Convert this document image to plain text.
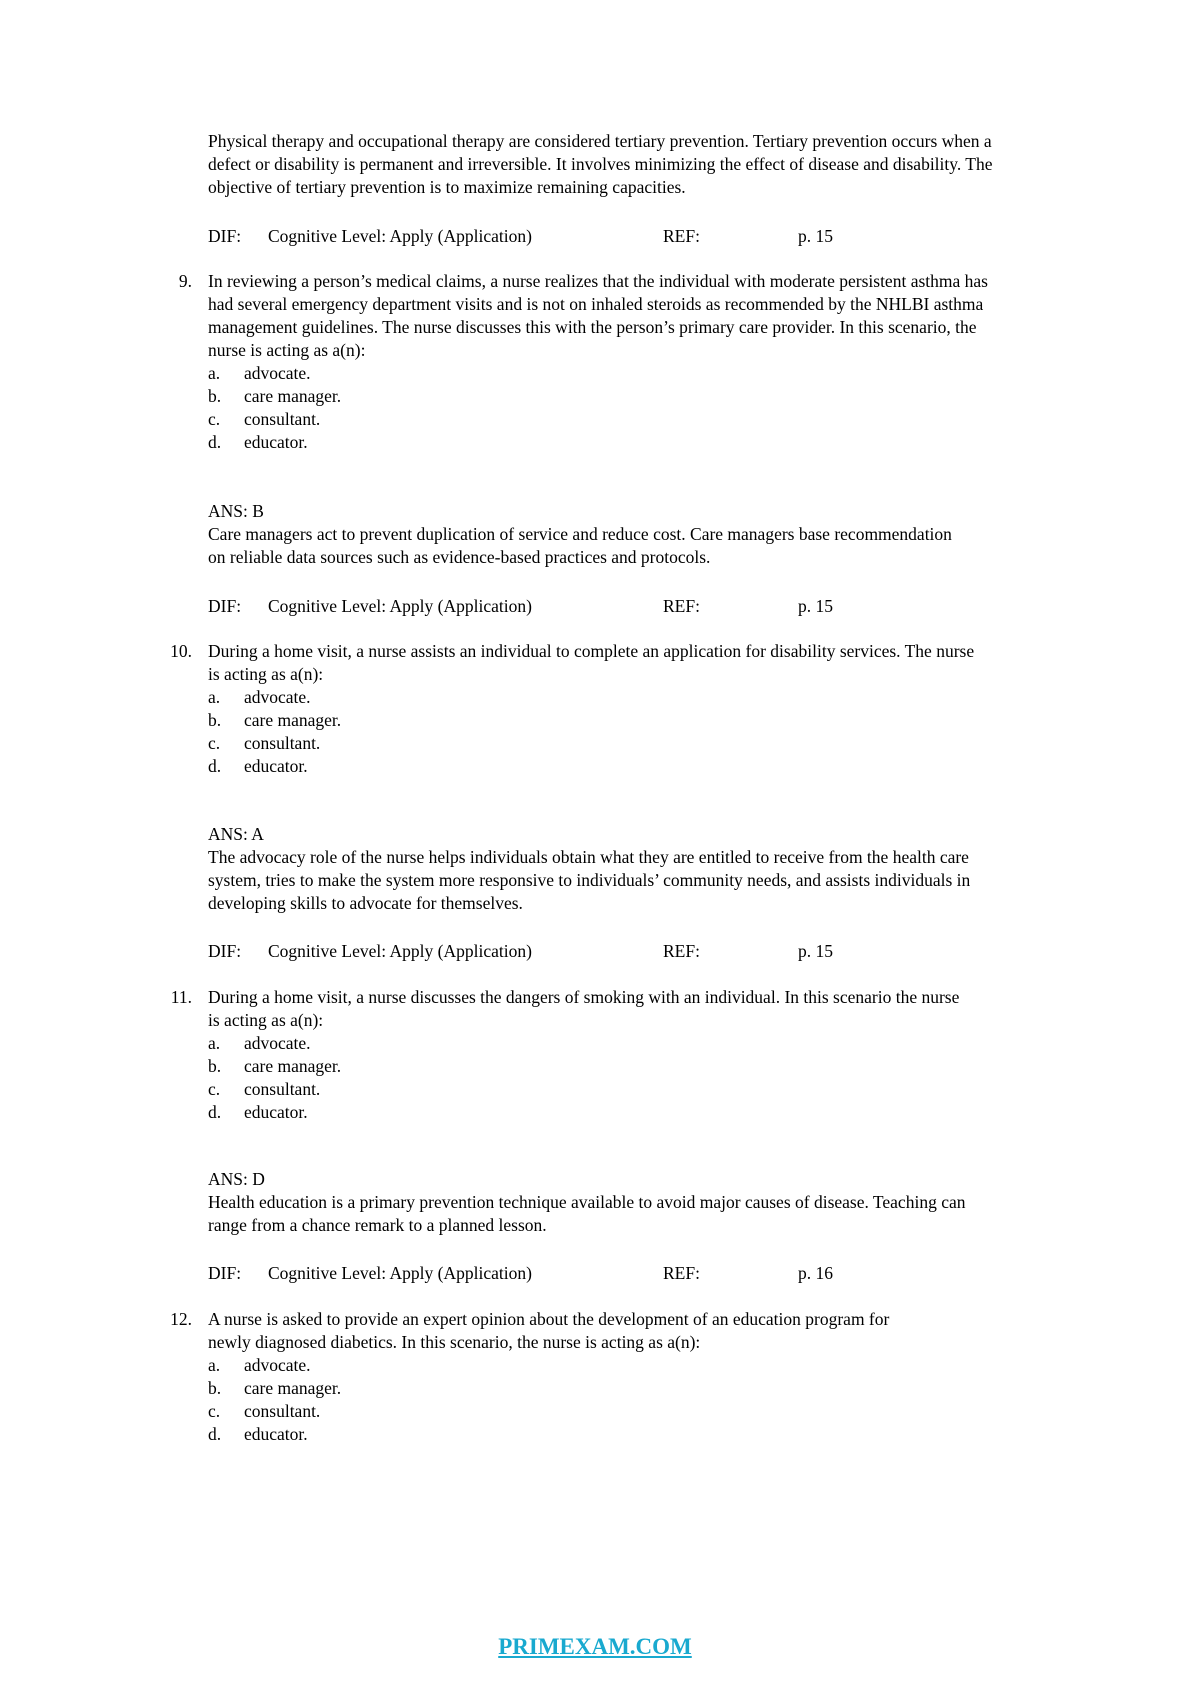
Physical therapy and occupational therapy are considered tertiary prevention. Tertiary prevention occurs when a

defect or disability is permanent and irreversible. It involves minimizing the effect of disease and disability. The

objective of tertiary prevention is to maximize remaining capacities.

DIF: Cognitive Level: Apply (Application)	REF:	p. 15
9. In reviewing a person’s medical claims, a nurse realizes that the individual with moderate persistent asthma has

had several emergency department visits and is not on inhaled steroids as recommended by the NHLBI asthma

management guidelines. The nurse discusses this with the person’s primary care provider. In this scenario, the

nurse is acting as a(n):

a. advocate.
b. care manager.
c. consultant.
d. educator.

ANS: B

Care managers act to prevent duplication of service and reduce cost. Care managers base recommendation

on reliable data sources such as evidence-based practices and protocols.

DIF: Cognitive Level: Apply (Application)	REF:	p. 15
10. During a home visit, a nurse assists an individual to complete an application for disability services. The nurse

is acting as a(n):

a. advocate.
b. care manager.
c. consultant.
d. educator.

ANS: A

The advocacy role of the nurse helps individuals obtain what they are entitled to receive from the health care

system, tries to make the system more responsive to individuals’ community needs, and assists individuals in

developing skills to advocate for themselves.

DIF: Cognitive Level: Apply (Application)	REF:	p. 15
11. During a home visit, a nurse discusses the dangers of smoking with an individual. In this scenario the nurse

is acting as a(n):

a. advocate.
b. care manager.
c. consultant.
d. educator.

ANS: D

Health education is a primary prevention technique available to avoid major causes of disease. Teaching can

range from a chance remark to a planned lesson.

DIF: Cognitive Level: Apply (Application)	REF:	p. 16
12. A nurse is asked to provide an expert opinion about the development of an education program for

newly diagnosed diabetics. In this scenario, the nurse is acting as a(n):

a. advocate.
b. care manager.
c. consultant.
d. educator.
PRIMEXAM.COM
